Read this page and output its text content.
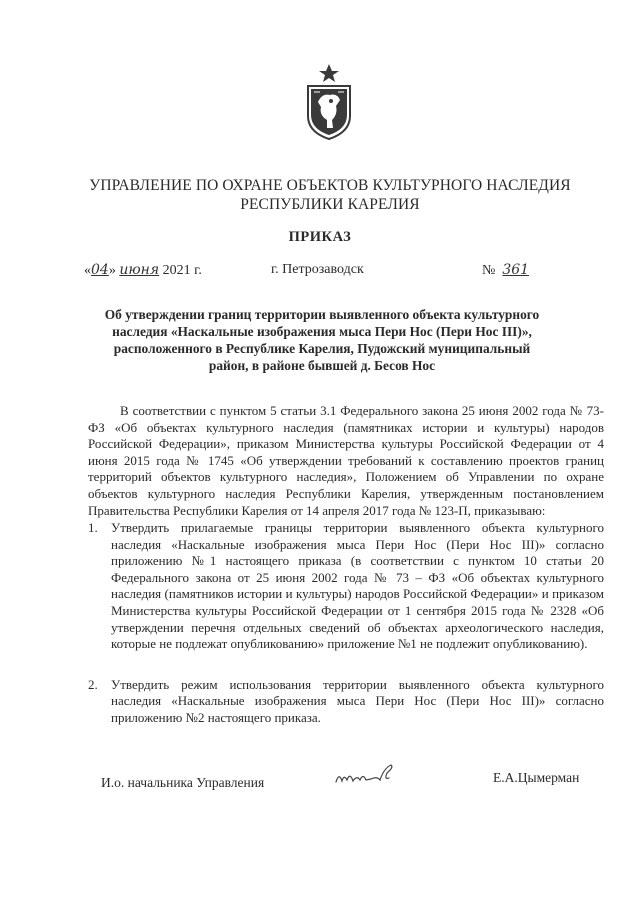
УПРАВЛЕНИЕ ПО ОХРАНЕ ОБЪЕКТОВ КУЛЬТУРНОГО НАСЛЕДИЯ
РЕСПУБЛИКИ КАРЕЛИЯ
ПРИКАЗ
«04» июня 2021 г.	г. Петрозаводск	№ 361
Об утверждении границ территории выявленного объекта культурного наследия «Наскальные изображения мыса Пери Нос (Пери Нос III)», расположенного в Республике Карелия, Пудожский муниципальный район, в районе бывшей д. Бесов Нос
В соответствии с пунктом 5 статьи 3.1 Федерального закона 25 июня 2002 года № 73-ФЗ «Об объектах культурного наследия (памятниках истории и культуры) народов Российской Федерации», приказом Министерства культуры Российской Федерации от 4 июня 2015 года № 1745 «Об утверждении требований к составлению проектов границ территорий объектов культурного наследия», Положением об Управлении по охране объектов культурного наследия Республики Карелия, утвержденным постановлением Правительства Республики Карелия от 14 апреля 2017 года № 123-П, приказываю:
1. Утвердить прилагаемые границы территории выявленного объекта культурного наследия «Наскальные изображения мыса Пери Нос (Пери Нос III)» согласно приложению №1 настоящего приказа (в соответствии с пунктом 10 статьи 20 Федерального закона от 25 июня 2002 года № 73 – ФЗ «Об объектах культурного наследия (памятников истории и культуры) народов Российской Федерации» и приказом Министерства культуры Российской Федерации от 1 сентября 2015 года № 2328 «Об утверждении перечня отдельных сведений об объектах археологического наследия, которые не подлежат опубликованию» приложение №1 не подлежит опубликованию).
2. Утвердить режим использования территории выявленного объекта культурного наследия «Наскальные изображения мыса Пери Нос (Пери Нос III)» согласно приложению №2 настоящего приказа.
И.о. начальника Управления	Е.А.Цымерман
